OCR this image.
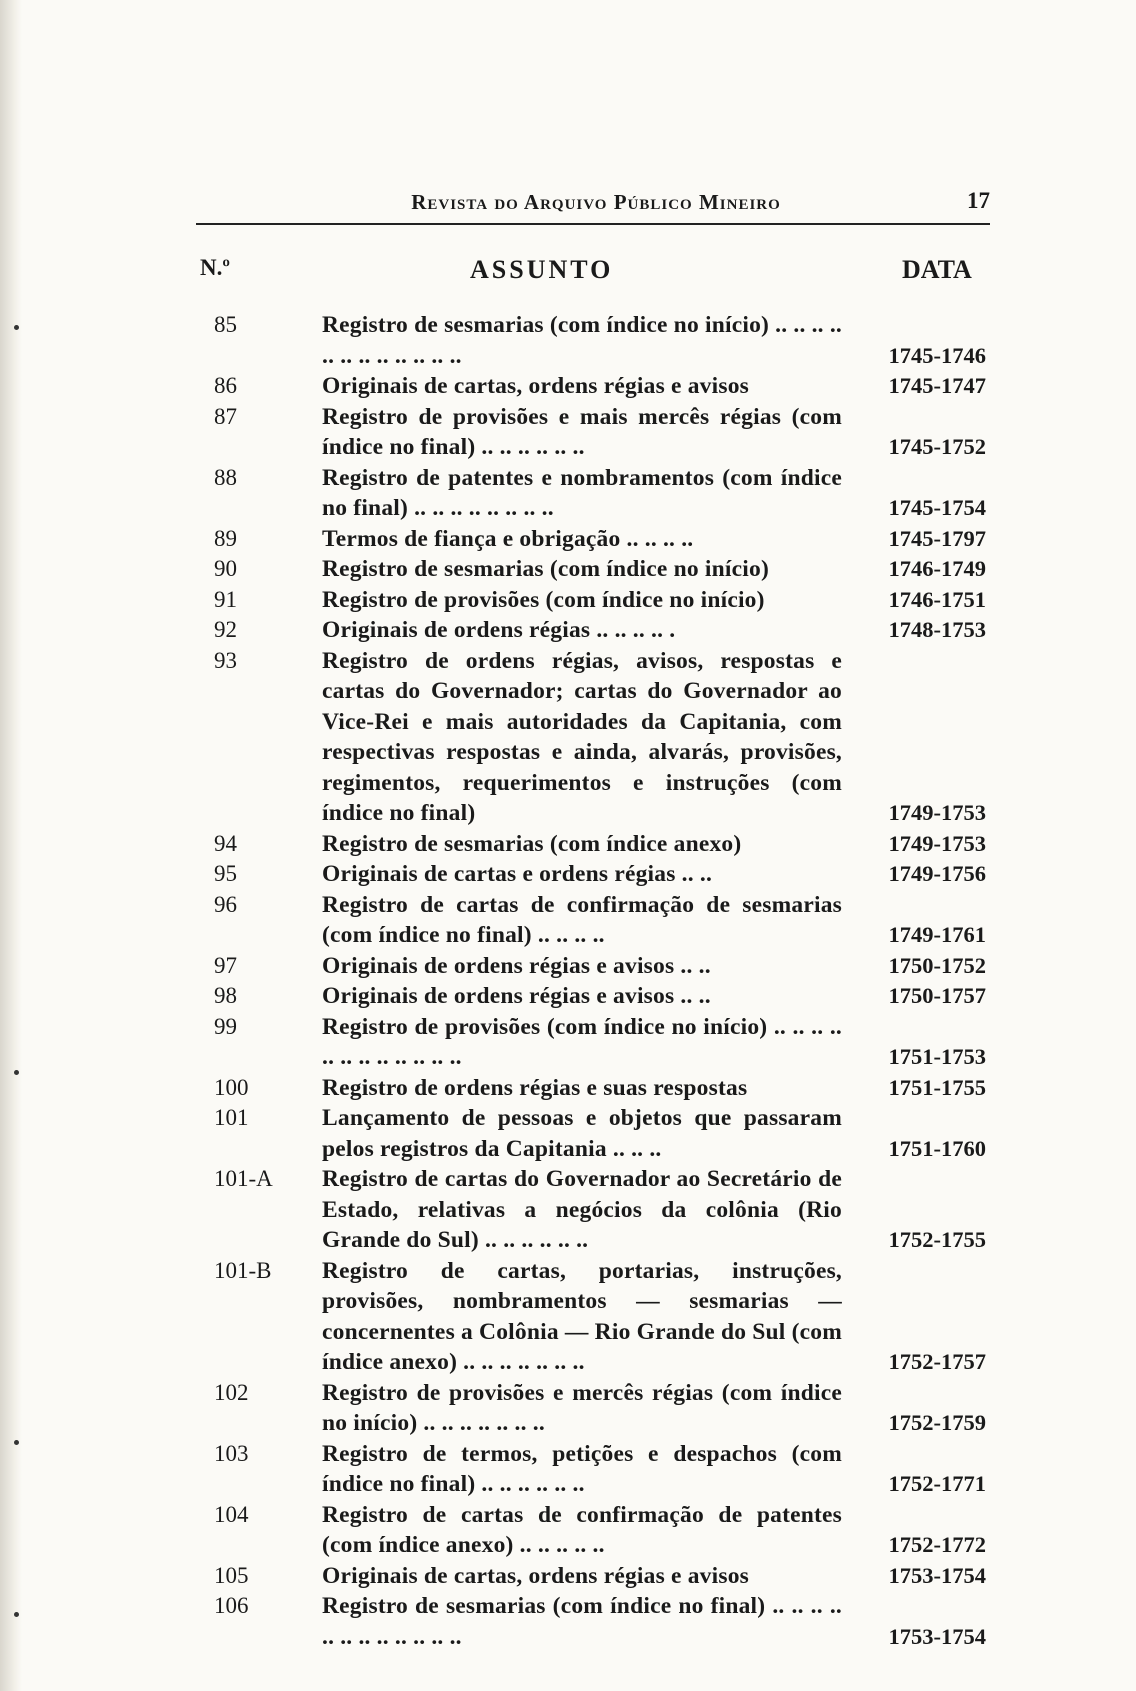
Revista do Arquivo Público Mineiro	17
N.º	ASSUNTO	DATA
85	Registro de sesmarias (com índice no início) .. .. .. .. .. .. .. .. .. .. .. ..	1745-1746
86	Originais de cartas, ordens régias e avisos	1745-1747
87	Registro de provisões e mais mercês régias (com índice no final) .. .. .. .. .. ..	1745-1752
88	Registro de patentes e nombramentos (com índice no final) .. .. .. .. .. .. .. ..	1745-1754
89	Termos de fiança e obrigação .. .. .. ..	1745-1797
90	Registro de sesmarias (com índice no início)	1746-1749
91	Registro de provisões (com índice no início)	1746-1751
92	Originais de ordens régias .. .. .. .. .	1748-1753
93	Registro de ordens régias, avisos, respostas e cartas do Governador; cartas do Governador ao Vice-Rei e mais autoridades da Capitania, com respectivas respostas e ainda, alvarás, provisões, regimentos, requerimentos e instruções (com índice no final)	1749-1753
94	Registro de sesmarias (com índice anexo)	1749-1753
95	Originais de cartas e ordens régias .. ..	1749-1756
96	Registro de cartas de confirmação de sesmarias (com índice no final) .. .. .. ..	1749-1761
97	Originais de ordens régias e avisos .. ..	1750-1752
98	Originais de ordens régias e avisos .. ..	1750-1757
99	Registro de provisões (com índice no início) .. .. .. .. .. .. .. .. .. .. .. ..	1751-1753
100	Registro de ordens régias e suas respostas	1751-1755
101	Lançamento de pessoas e objetos que passaram pelos registros da Capitania .. .. ..	1751-1760
101-A	Registro de cartas do Governador ao Secretário de Estado, relativas a negócios da colônia (Rio Grande do Sul) .. .. .. .. .. ..	1752-1755
101-B	Registro de cartas, portarias, instruções, provisões, nombramentos — sesmarias — concernentes a Colônia — Rio Grande do Sul (com índice anexo) .. .. .. .. .. .. ..	1752-1757
102	Registro de provisões e mercês régias (com índice no início) .. .. .. .. .. .. ..	1752-1759
103	Registro de termos, petições e despachos (com índice no final) .. .. .. .. .. ..	1752-1771
104	Registro de cartas de confirmação de patentes (com índice anexo) .. .. .. .. ..	1752-1772
105	Originais de cartas, ordens régias e avisos	1753-1754
106	Registro de sesmarias (com índice no final) .. .. .. .. .. .. .. .. .. .. .. ..	1753-1754
